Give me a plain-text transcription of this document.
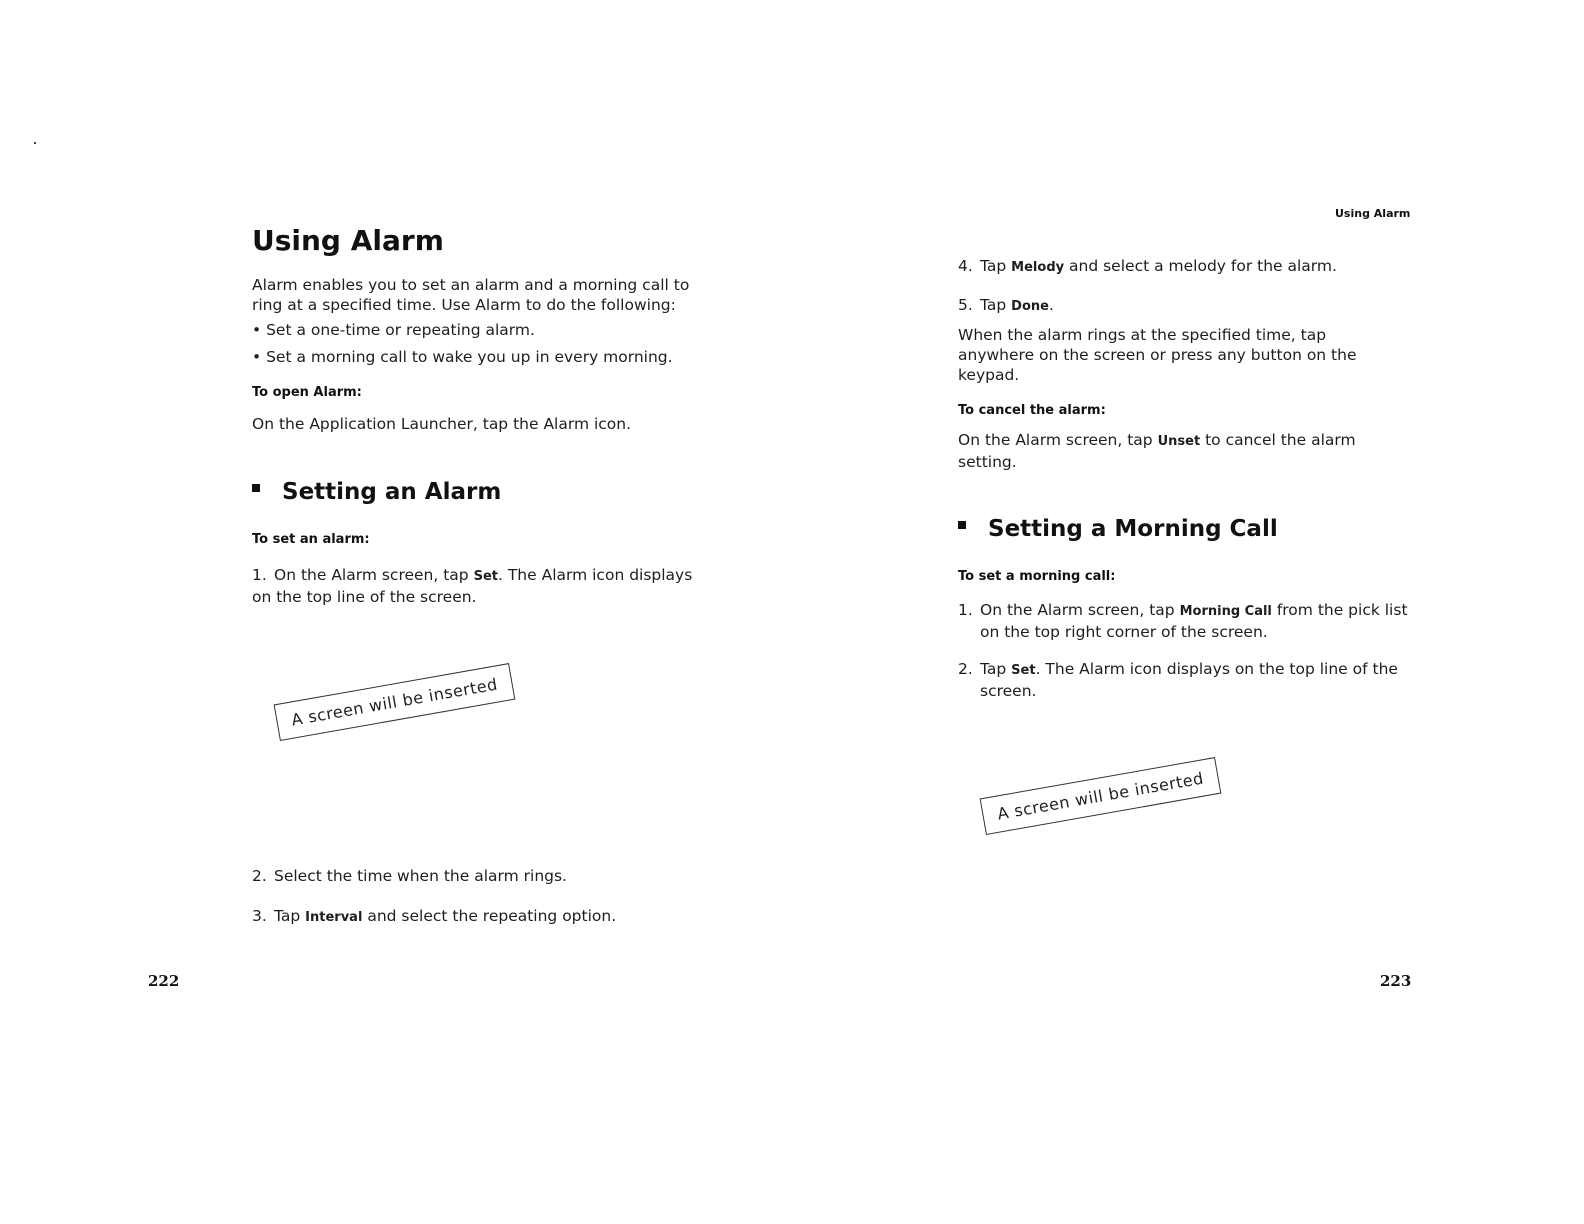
Using Alarm
Alarm enables you to set an alarm and a morning call to ring at a specified time. Use Alarm to do the following:
• Set a one-time or repeating alarm.
• Set a morning call to wake you up in every morning.
To open Alarm:
On the Application Launcher, tap the Alarm icon.
Setting an Alarm
To set an alarm:
1. On the Alarm screen, tap Set. The Alarm icon displays on the top line of the screen.
A screen will be inserted
2. Select the time when the alarm rings.
3. Tap Interval and select the repeating option.
222
Using Alarm
4. Tap Melody and select a melody for the alarm.
5. Tap Done.
When the alarm rings at the specified time, tap anywhere on the screen or press any button on the keypad.
To cancel the alarm:
On the Alarm screen, tap Unset to cancel the alarm setting.
Setting a Morning Call
To set a morning call:
1. On the Alarm screen, tap Morning Call from the pick list on the top right corner of the screen.
2. Tap Set. The Alarm icon displays on the top line of the screen.
A screen will be inserted
223
